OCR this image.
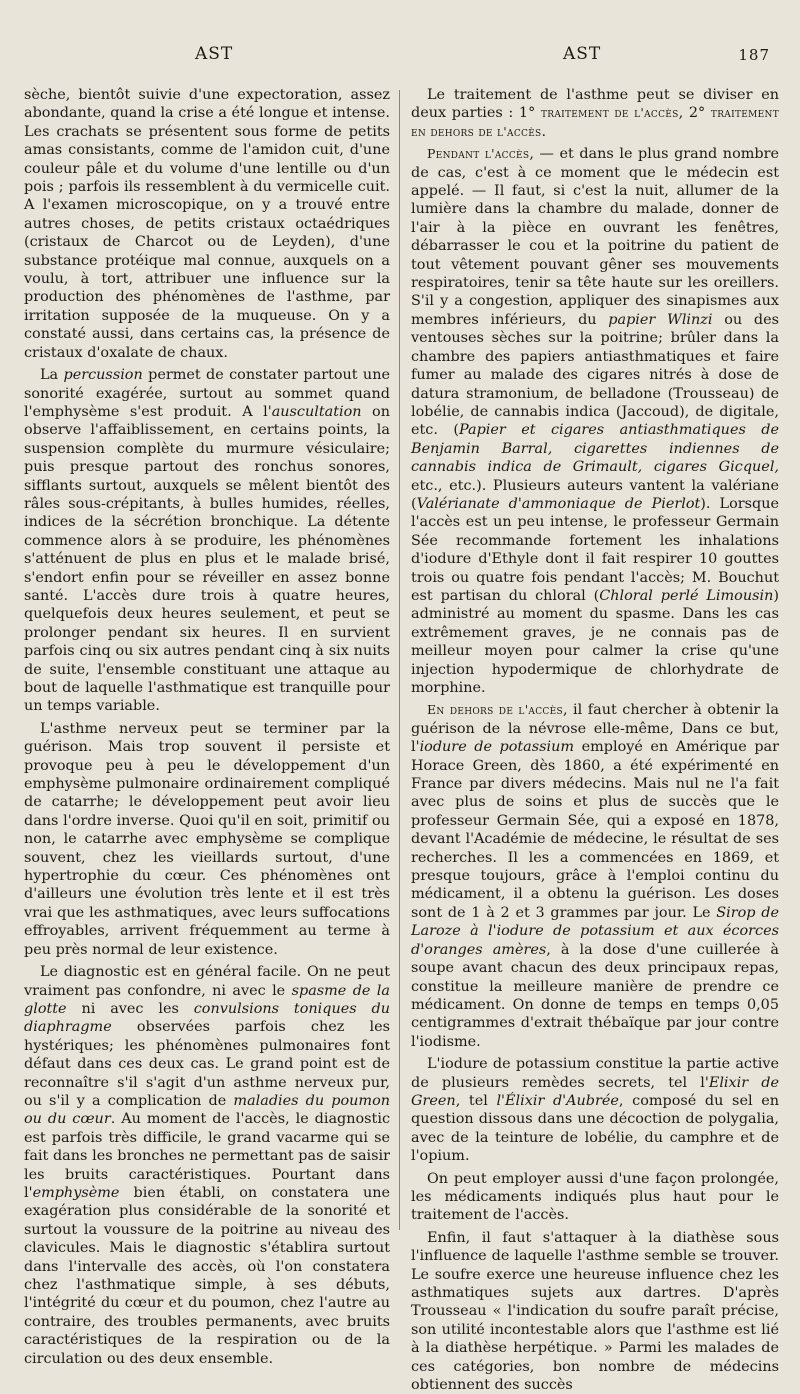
AST	AST	187

sèche, bientôt suivie d'une expectoration, assez abondante, quand la crise a été longue et intense. Les crachats se présentent sous forme de petits amas consistants, comme de l'amidon cuit, d'une couleur pâle et du volume d'une lentille ou d'un pois ; parfois ils ressemblent à du vermicelle cuit. A l'examen microscopique, on y a trouvé entre autres choses, de petits cristaux octaédriques (cristaux de Charcot ou de Leyden), d'une substance protéique mal connue, auxquels on a voulu, à tort, attribuer une influence sur la production des phénomènes de l'asthme, par irritation supposée de la muqueuse. On y a constaté aussi, dans certains cas, la présence de cristaux d'oxalate de chaux.

La percussion permet de constater partout une sonorité exagérée, surtout au sommet quand l'emphysème s'est produit. A l'auscultation on observe l'affaiblissement, en certains points, la suspension complète du murmure vésiculaire; puis presque partout des ronchus sonores, sifflants surtout, auxquels se mêlent bientôt des râles sous-crépitants, à bulles humides, réelles, indices de la sécrétion bronchique. La détente commence alors à se produire, les phénomènes s'atténuent de plus en plus et le malade brisé, s'endort enfin pour se réveiller en assez bonne santé. L'accès dure trois à quatre heures, quelquefois deux heures seulement, et peut se prolonger pendant six heures. Il en survient parfois cinq ou six autres pendant cinq à six nuits de suite, l'ensemble constituant une attaque au bout de laquelle l'asthmatique est tranquille pour un temps variable.

L'asthme nerveux peut se terminer par la guérison. Mais trop souvent il persiste et provoque peu à peu le développement d'un emphysème pulmonaire ordinairement compliqué de catarrhe; le développement peut avoir lieu dans l'ordre inverse. Quoi qu'il en soit, primitif ou non, le catarrhe avec emphysème se complique souvent, chez les vieillards surtout, d'une hypertrophie du cœur. Ces phénomènes ont d'ailleurs une évolution très lente et il est très vrai que les asthmatiques, avec leurs suffocations effroyables, arrivent fréquemment au terme à peu près normal de leur existence.

Le diagnostic est en général facile. On ne peut vraiment pas confondre, ni avec le spasme de la glotte ni avec les convulsions toniques du diaphragme observées parfois chez les hystériques; les phénomènes pulmonaires font défaut dans ces deux cas. Le grand point est de reconnaître s'il s'agit d'un asthme nerveux pur, ou s'il y a complication de maladies du poumon ou du cœur. Au moment de l'accès, le diagnostic est parfois très difficile, le grand vacarme qui se fait dans les bronches ne permettant pas de saisir les bruits caractéristiques. Pourtant dans l'emphysème bien établi, on constatera une exagération plus considérable de la sonorité et surtout la voussure de la poitrine au niveau des clavicules. Mais le diagnostic s'établira surtout dans l'intervalle des accès, où l'on constatera chez l'asthmatique simple, à ses débuts, l'intégrité du cœur et du poumon, chez l'autre au contraire, des troubles permanents, avec bruits caractéristiques de la respiration ou de la circulation ou des deux ensemble.

Le traitement de l'asthme peut se diviser en deux parties : 1° traitement de l'accès, 2° traitement en dehors de l'accès.

Pendant l'accès, — et dans le plus grand nombre de cas, c'est à ce moment que le médecin est appelé. — Il faut, si c'est la nuit, allumer de la lumière dans la chambre du malade, donner de l'air à la pièce en ouvrant les fenêtres, débarrasser le cou et la poitrine du patient de tout vêtement pouvant gêner ses mouvements respiratoires, tenir sa tête haute sur les oreillers. S'il y a congestion, appliquer des sinapismes aux membres inférieurs, du papier Wlinzi ou des ventouses sèches sur la poitrine; brûler dans la chambre des papiers antiasthmatiques et faire fumer au malade des cigares nitrés à dose de datura stramonium, de belladone (Trousseau) de lobélie, de cannabis indica (Jaccoud), de digitale, etc. (Papier et cigares antiasthmatiques de Benjamin Barral, cigarettes indiennes de cannabis indica de Grimault, cigares Gicquel, etc., etc.). Plusieurs auteurs vantent la valériane (Valérianate d'ammoniaque de Pierlot). Lorsque l'accès est un peu intense, le professeur Germain Sée recommande fortement les inhalations d'iodure d'Ethyle dont il fait respirer 10 gouttes trois ou quatre fois pendant l'accès; M. Bouchut est partisan du chloral (Chloral perlé Limousin) administré au moment du spasme. Dans les cas extrêmement graves, je ne connais pas de meilleur moyen pour calmer la crise qu'une injection hypodermique de chlorhydrate de morphine.

En dehors de l'accès, il faut chercher à obtenir la guérison de la névrose elle-même, Dans ce but, l'iodure de potassium employé en Amérique par Horace Green, dès 1860, a été expérimenté en France par divers médecins. Mais nul ne l'a fait avec plus de soins et plus de succès que le professeur Germain Sée, qui a exposé en 1878, devant l'Académie de médecine, le résultat de ses recherches. Il les a commencées en 1869, et presque toujours, grâce à l'emploi continu du médicament, il a obtenu la guérison. Les doses sont de 1 à 2 et 3 grammes par jour. Le Sirop de Laroze à l'iodure de potassium et aux écorces d'oranges amères, à la dose d'une cuillerée à soupe avant chacun des deux principaux repas, constitue la meilleure manière de prendre ce médicament. On donne de temps en temps 0,05 centigrammes d'extrait thébaïque par jour contre l'iodisme.

L'iodure de potassium constitue la partie active de plusieurs remèdes secrets, tel l'Elixir de Green, tel l'Élixir d'Aubrée, composé du sel en question dissous dans une décoction de polygalia, avec de la teinture de lobélie, du camphre et de l'opium.

On peut employer aussi d'une façon prolongée, les médicaments indiqués plus haut pour le traitement de l'accès.

Enfin, il faut s'attaquer à la diathèse sous l'influence de laquelle l'asthme semble se trouver. Le soufre exerce une heureuse influence chez les asthmatiques sujets aux dartres. D'après Trousseau « l'indication du soufre paraît précise, son utilité incontestable alors que l'asthme est lié à la diathèse herpétique. » Parmi les malades de ces catégories, bon nombre de médecins obtiennent des succès
